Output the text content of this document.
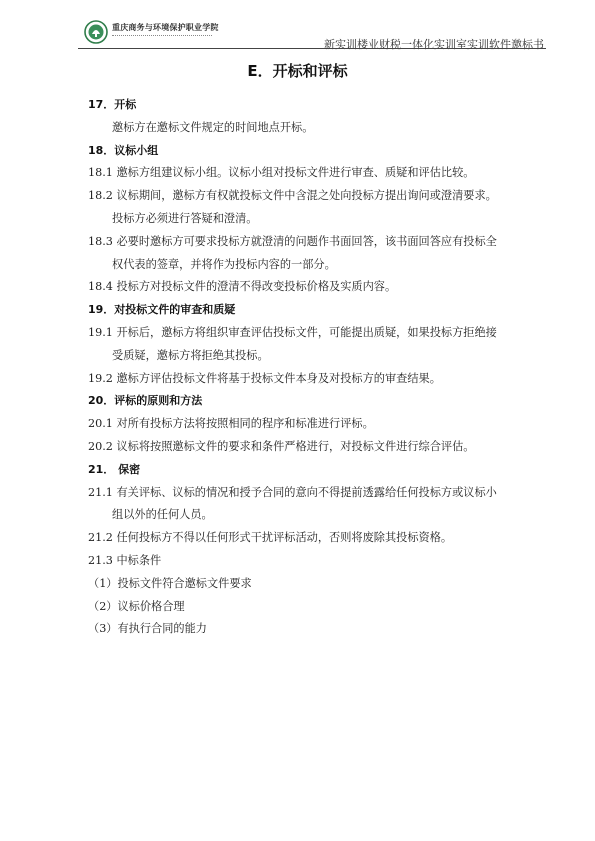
重庆商务与环境保护职业学院
新实训楼业财税一体化实训室实训软件邀标书
E．开标和评标
17．开标
邀标方在邀标文件规定的时间地点开标。
18．议标小组
18.1 邀标方组建议标小组。议标小组对投标文件进行审查、质疑和评估比较。
18.2 议标期间，邀标方有权就投标文件中含混之处向投标方提出询问或澄清要求。
投标方必须进行答疑和澄清。
18.3 必要时邀标方可要求投标方就澄清的问题作书面回答，该书面回答应有投标全
权代表的签章，并将作为投标内容的一部分。
18.4 投标方对投标文件的澄清不得改变投标价格及实质内容。
19．对投标文件的审查和质疑
19.1 开标后，邀标方将组织审查评估投标文件，可能提出质疑，如果投标方拒绝接
受质疑，邀标方将拒绝其投标。
19.2 邀标方评估投标文件将基于投标文件本身及对投标方的审查结果。
20．评标的原则和方法
20.1 对所有投标方法将按照相同的程序和标准进行评标。
20.2 议标将按照邀标文件的要求和条件严格进行，对投标文件进行综合评估。
21． 保密
21.1 有关评标、议标的情况和授予合同的意向不得提前透露给任何投标方或议标小
组以外的任何人员。
21.2 任何投标方不得以任何形式干扰评标活动，否则将废除其投标资格。
21.3 中标条件
（1）投标文件符合邀标文件要求
（2）议标价格合理
（3）有执行合同的能力
